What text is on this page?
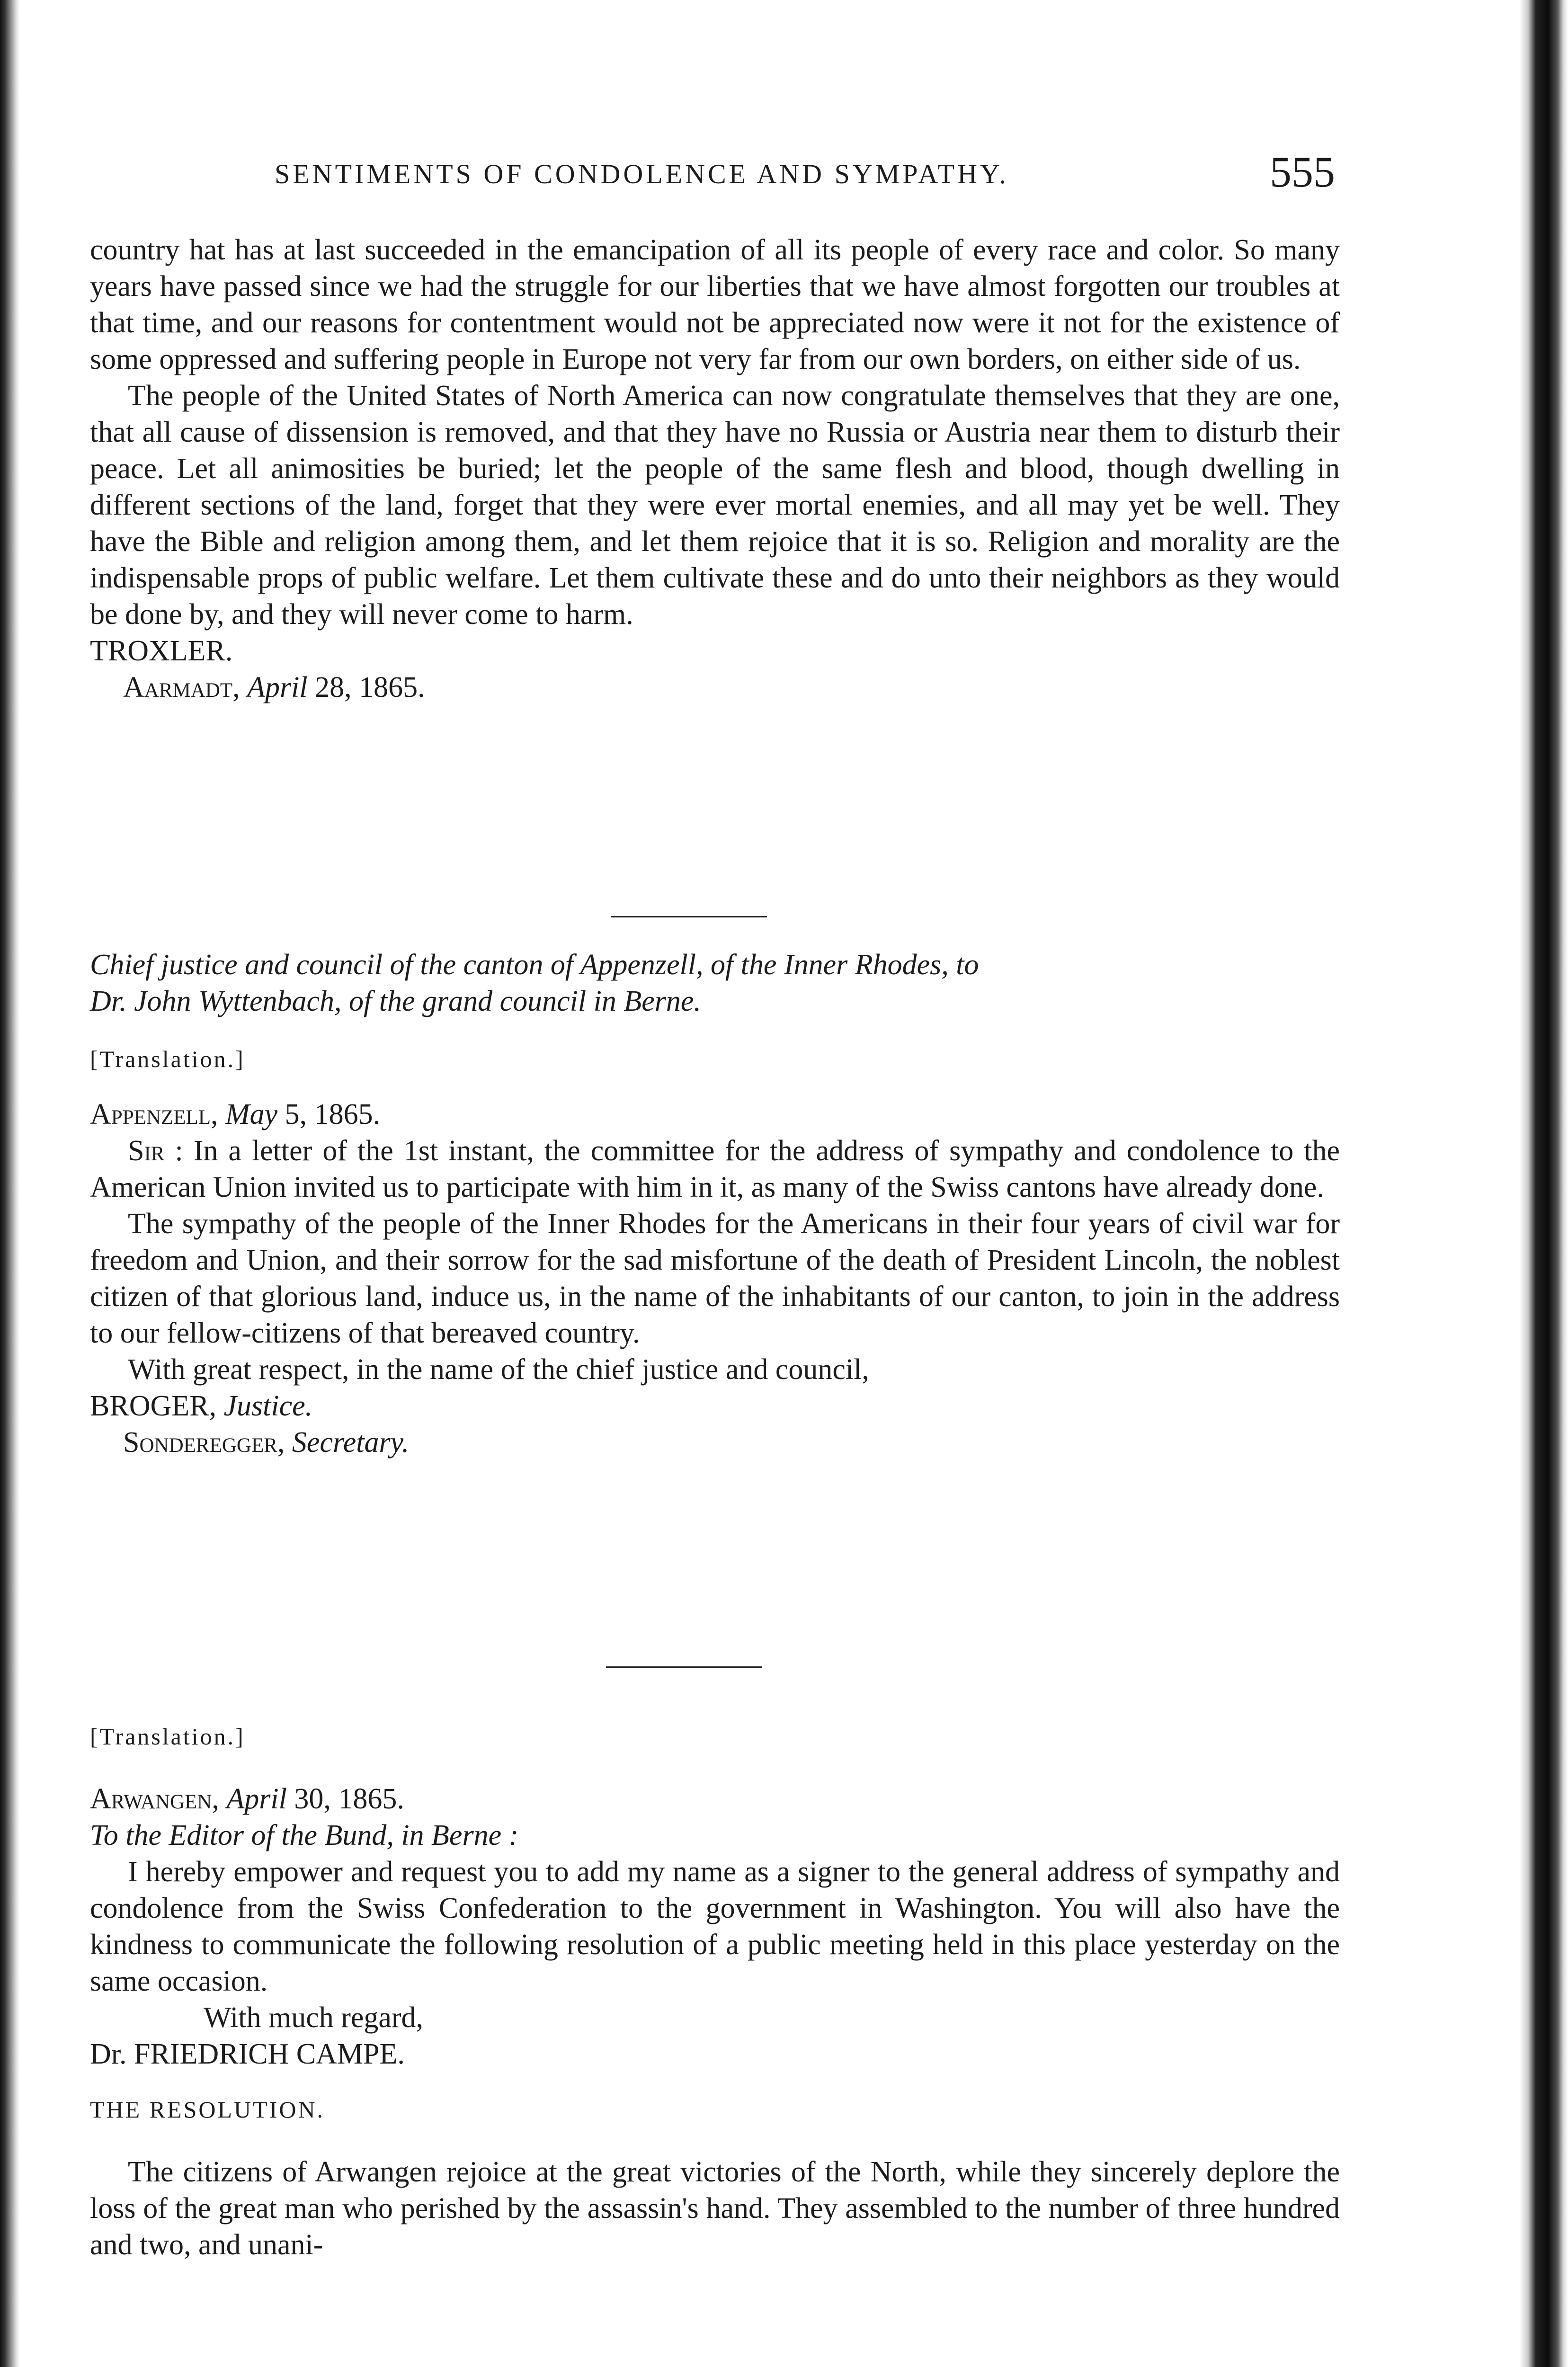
SENTIMENTS OF CONDOLENCE AND SYMPATHY.	555

country hat has at last succeeded in the emancipation of all its people of every race and color. So many years have passed since we had the struggle for our liberties that we have almost forgotten our troubles at that time, and our reasons for contentment would not be appreciated now were it not for the existence of some oppressed and suffering people in Europe not very far from our own borders, on either side of us.

The people of the United States of North America can now congratulate themselves that they are one, that all cause of dissension is removed, and that they have no Russia or Austria near them to disturb their peace. Let all animosities be buried; let the people of the same flesh and blood, though dwelling in different sections of the land, forget that they were ever mortal enemies, and all may yet be well. They have the Bible and religion among them, and let them rejoice that it is so. Religion and morality are the indispensable props of public welfare. Let them cultivate these and do unto their neighbors as they would be done by, and they will never come to harm.

TROXLER.

Aarmadt, April 28, 1865.

Chief justice and council of the canton of Appenzell, of the Inner Rhodes, to

Dr. John Wyttenbach, of the grand council in Berne.

[Translation.]

Appenzell, May 5, 1865.

Sir : In a letter of the 1st instant, the committee for the address of sympathy and condolence to the American Union invited us to participate with him in it, as many of the Swiss cantons have already done.

The sympathy of the people of the Inner Rhodes for the Americans in their four years of civil war for freedom and Union, and their sorrow for the sad misfortune of the death of President Lincoln, the noblest citizen of that glorious land, induce us, in the name of the inhabitants of our canton, to join in the address to our fellow-citizens of that bereaved country.

With great respect, in the name of the chief justice and council,

BROGER, Justice.

Sonderegger, Secretary.

[Translation.]

Arwangen, April 30, 1865.

To the Editor of the Bund, in Berne :

I hereby empower and request you to add my name as a signer to the general address of sympathy and condolence from the Swiss Confederation to the government in Washington. You will also have the kindness to communicate the following resolution of a public meeting held in this place yesterday on the same occasion.

With much regard,

Dr. FRIEDRICH CAMPE.

THE RESOLUTION.

The citizens of Arwangen rejoice at the great victories of the North, while they sincerely deplore the loss of the great man who perished by the assassin's hand. They assembled to the number of three hundred and two, and unani-
